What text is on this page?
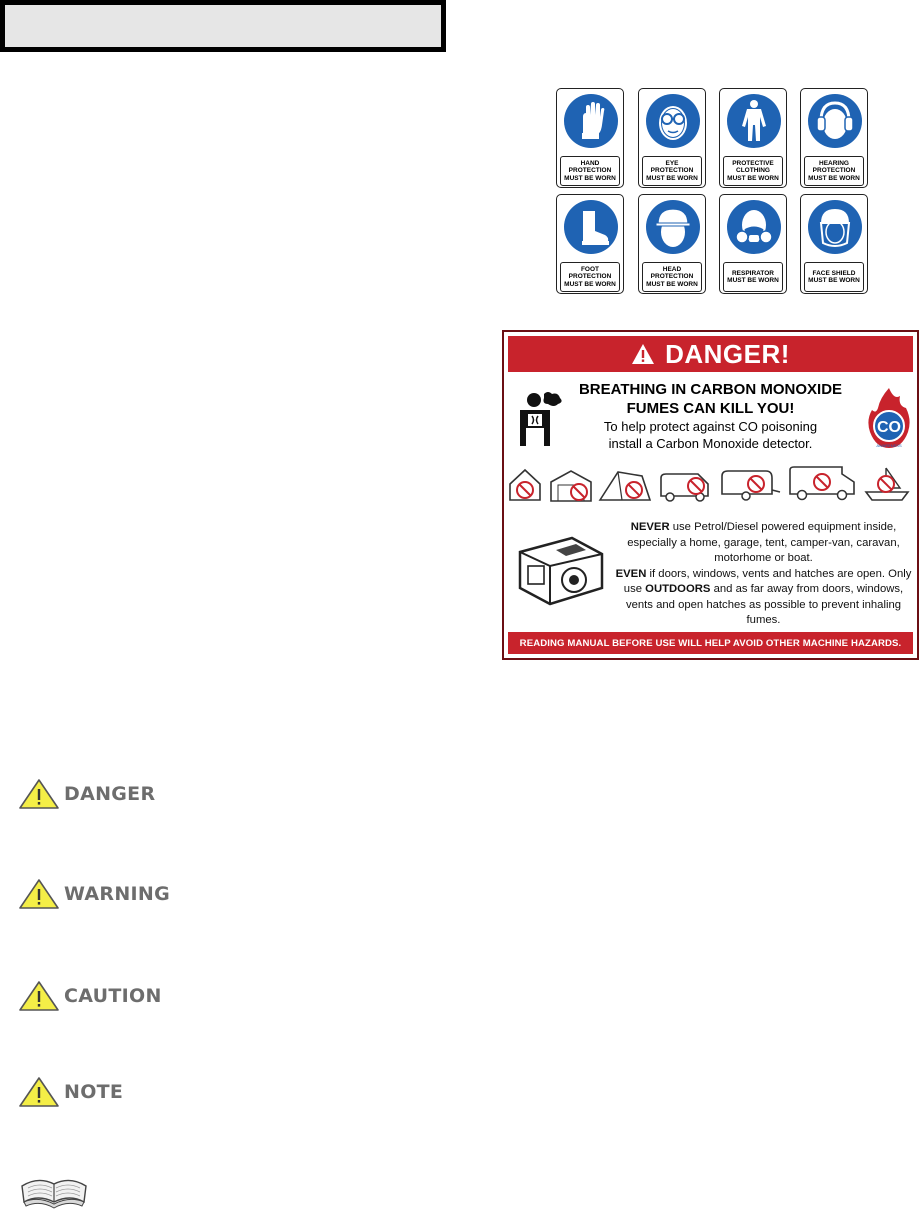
HAND
PROTECTION
MUST BE WORN
EYE
PROTECTION
MUST BE WORN
PROTECTIVE
CLOTHING
MUST BE WORN
HEARING
PROTECTION
MUST BE WORN
FOOT
PROTECTION
MUST BE WORN
HEAD
PROTECTION
MUST BE WORN
RESPIRATOR
MUST BE WORN
FACE SHIELD
MUST BE WORN
DANGER!
BREATHING IN CARBON MONOXIDE
FUMES CAN KILL YOU!
To help protect against CO poisoning
install a Carbon Monoxide detector.
CO
AWARENESS
NEVER use Petrol/Diesel powered equipment inside, especially a home, garage, tent, camper-van, caravan, motorhome or boat.
EVEN if doors, windows, vents and hatches are open. Only use OUTDOORS and as far away from doors, windows, vents and open hatches as possible to prevent inhaling fumes.
READING MANUAL BEFORE USE WILL HELP AVOID OTHER MACHINE HAZARDS.
DANGER
WARNING
CAUTION
NOTE
